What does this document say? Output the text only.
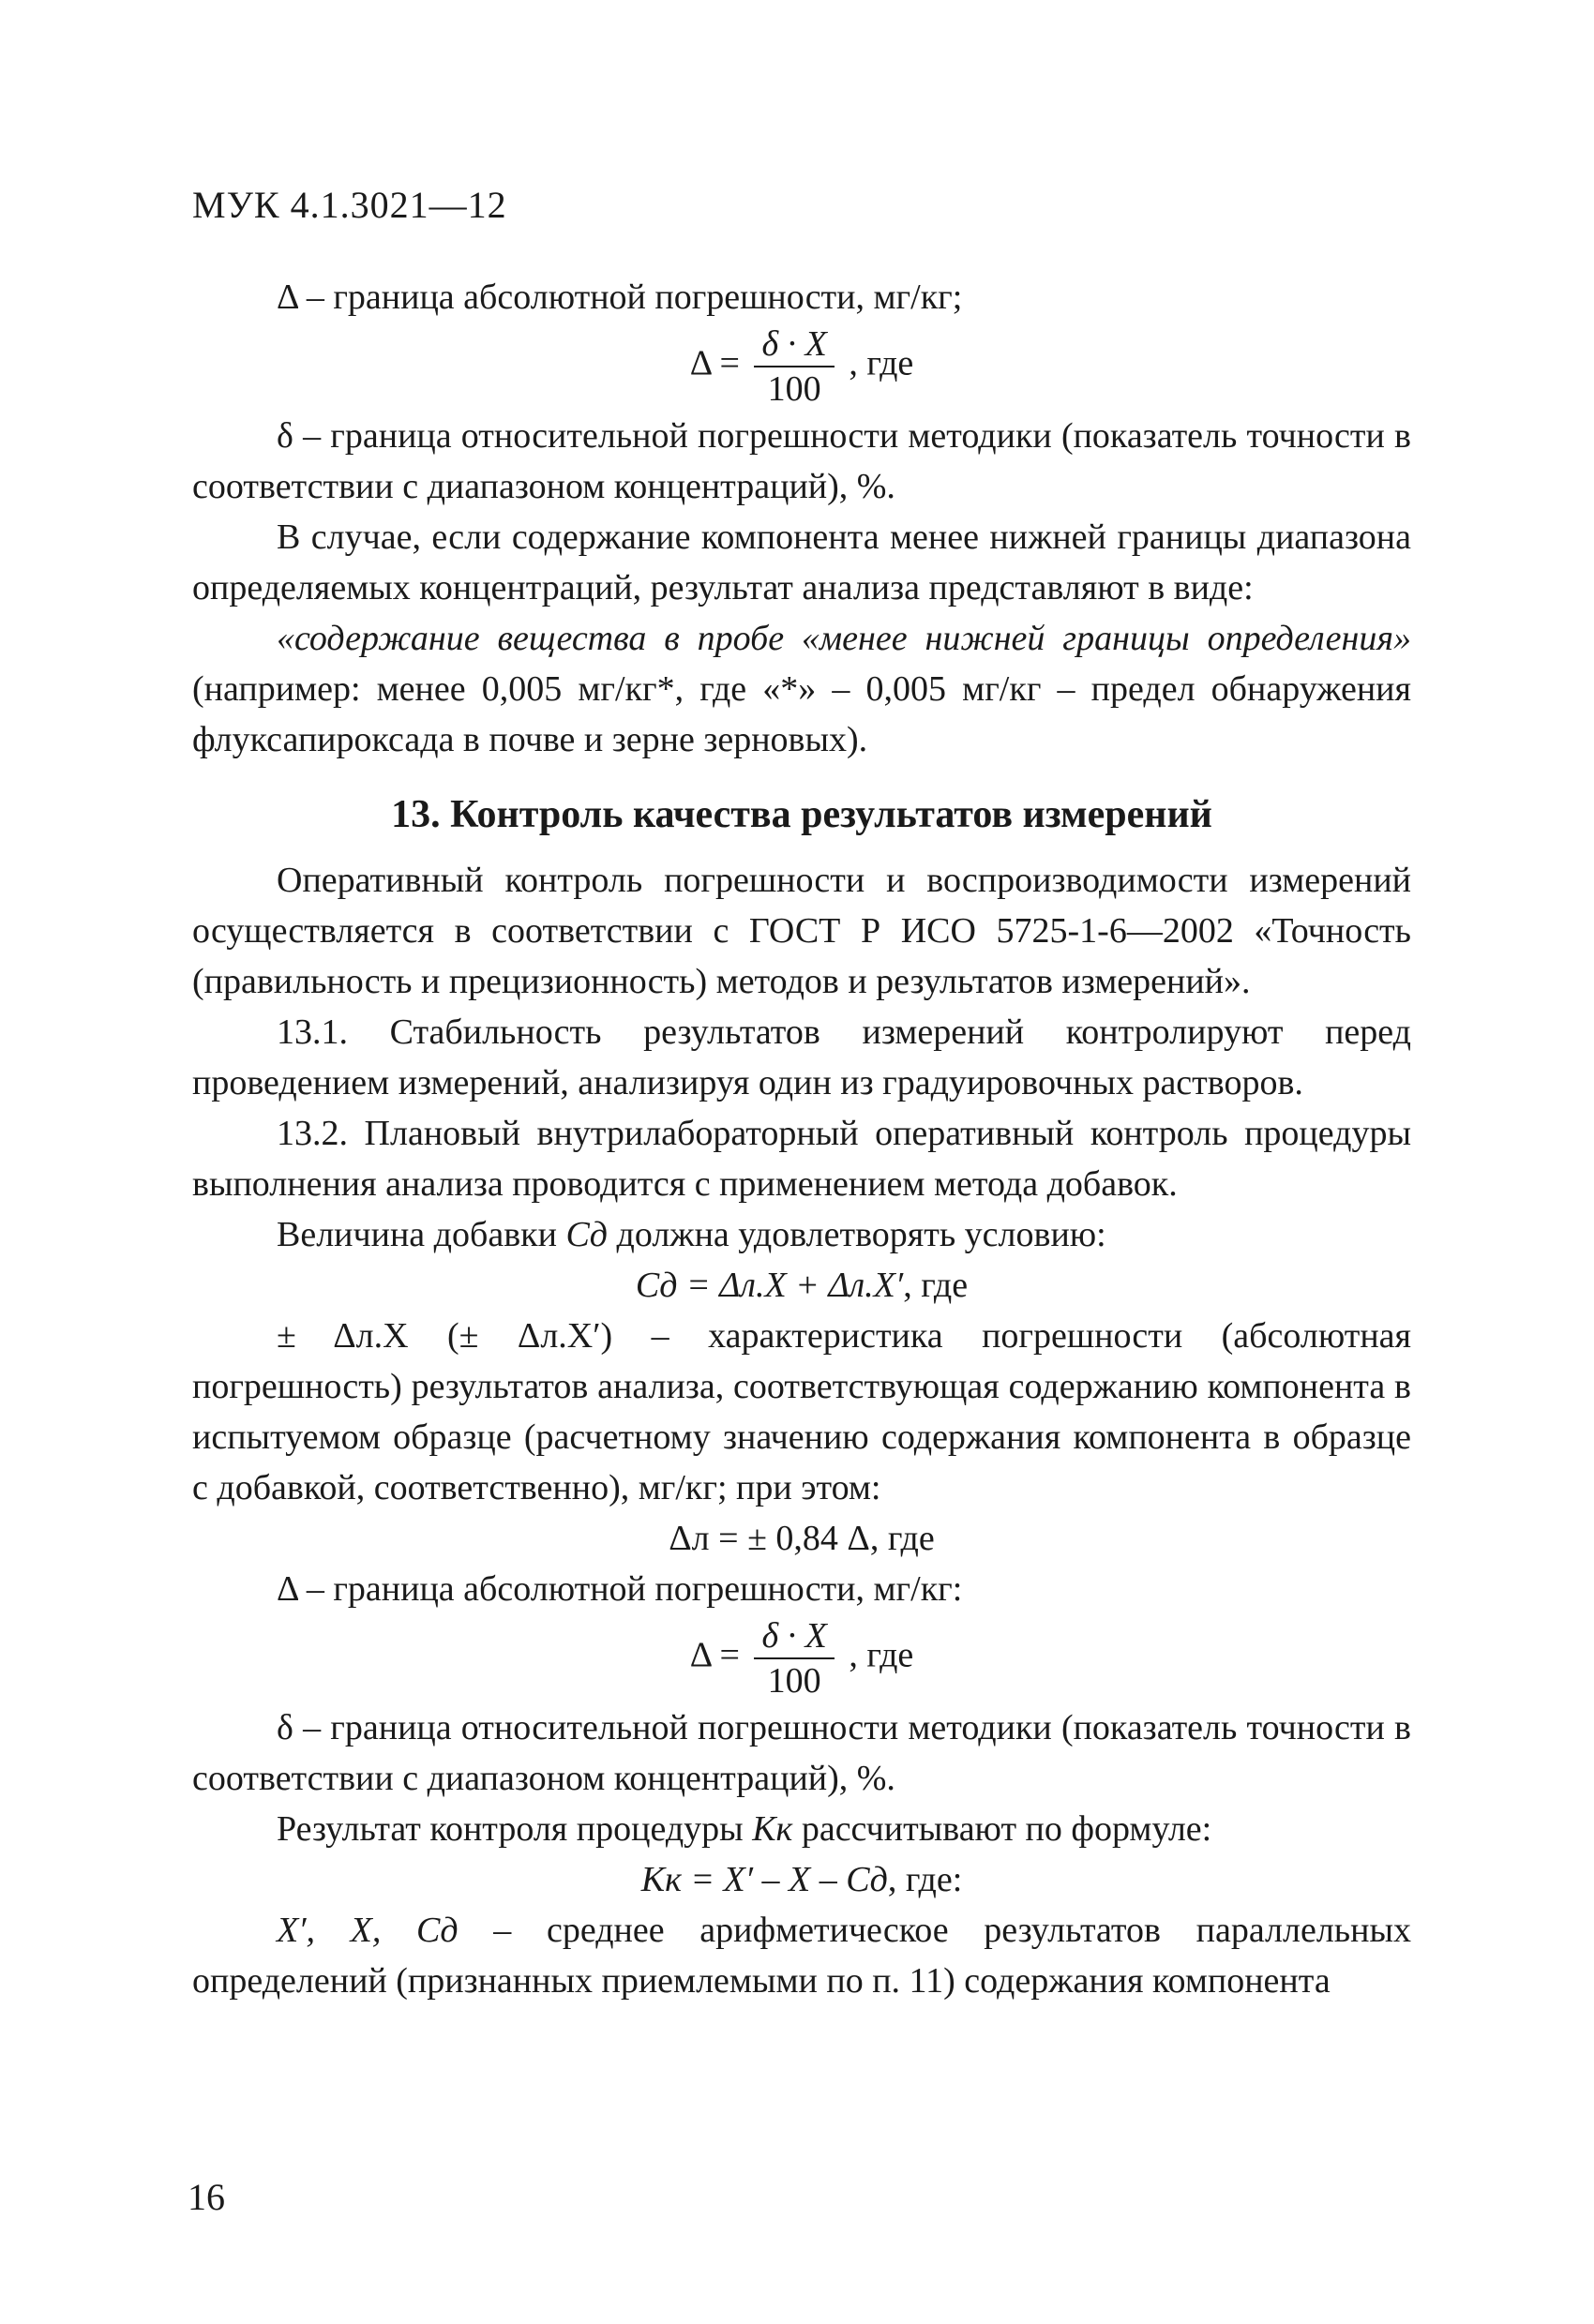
МУК 4.1.3021—12

Δ – граница абсолютной погрешности, мг/кг;

$\Delta = \frac{\delta \cdot X}{100}$ , где

δ – граница относительной погрешности методики (показатель точности в соответствии с диапазоном концентраций), %.

В случае, если содержание компонента менее нижней границы диапазона определяемых концентраций, результат анализа представляют в виде:

«содержание вещества в пробе «менее нижней границы определения» (например: менее 0,005 мг/кг*, где «*» – 0,005 мг/кг – предел обнаружения флуксапироксада в почве и зерне зерновых).

13. Контроль качества результатов измерений

Оперативный контроль погрешности и воспроизводимости измерений осуществляется в соответствии с ГОСТ Р ИСО 5725-1-6—2002 «Точность (правильность и прецизионность) методов и результатов измерений».

13.1. Стабильность результатов измерений контролируют перед проведением измерений, анализируя один из градуировочных растворов.

13.2. Плановый внутрилабораторный оперативный контроль процедуры выполнения анализа проводится с применением метода добавок.

Величина добавки Cд должна удовлетворять условию:

Cд = Δл.X + Δл.X′, где

± Δл.X (± Δл.X′) – характеристика погрешности (абсолютная погрешность) результатов анализа, соответствующая содержанию компонента в испытуемом образце (расчетному значению содержания компонента в образце с добавкой, соответственно), мг/кг; при этом:

Δл = ± 0,84 Δ, где

Δ – граница абсолютной погрешности, мг/кг:

$\Delta = \frac{\delta \cdot X}{100}$ , где

δ – граница относительной погрешности методики (показатель точности в соответствии с диапазоном концентраций), %.

Результат контроля процедуры Kк рассчитывают по формуле:

Kк = X′ – X – Cд, где:

X′, X, Cд – среднее арифметическое результатов параллельных определений (признанных приемлемыми по п. 11) содержания компонента

16
